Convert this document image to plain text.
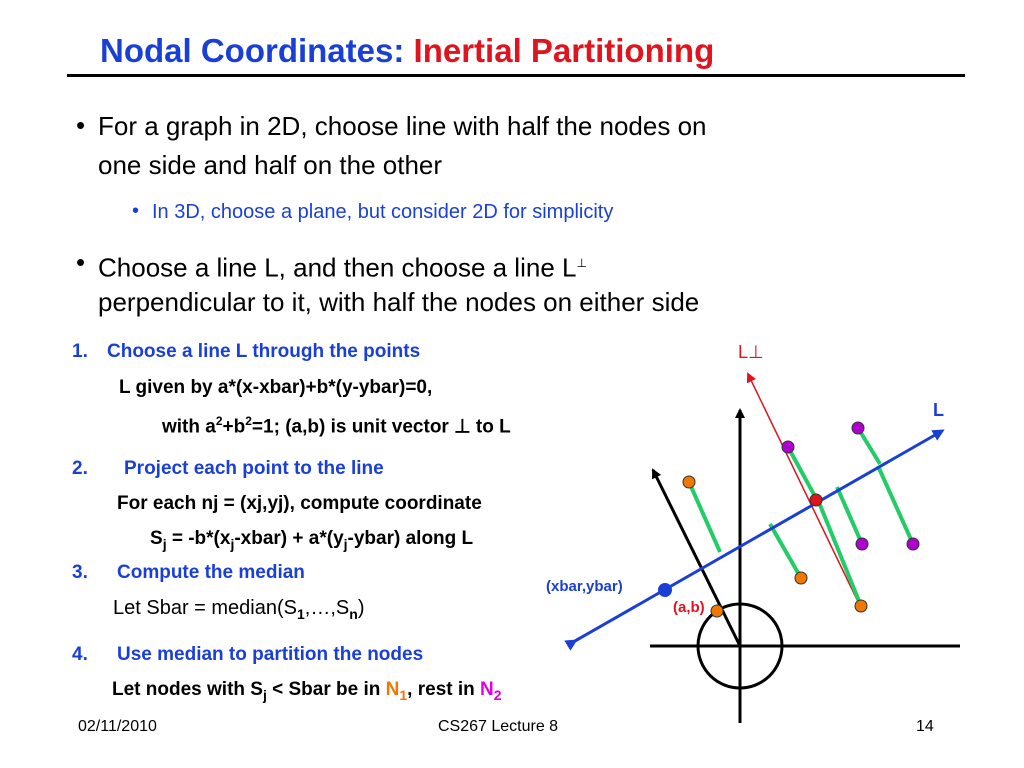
Nodal Coordinates: Inertial Partitioning
• For a graph in 2D, choose line with half the nodes on
one side and half on the other
• In 3D, choose a plane, but consider 2D for simplicity
• Choose a line L, and then choose a line L⊥
perpendicular to it, with half the nodes on either side
1. Choose a line L through the points
L given by a*(x-xbar)+b*(y-ybar)=0,
with $a^2+b^2=1$; (a,b) is unit vector ⊥ to L
2. Project each point to the line
For each nj = (xj,yj), compute coordinate
$S_j$ = $-b*(x_j-xbar)$ + $a*(y_j-ybar)$ along L
3. Compute the median
Let Sbar = $median(S_1,\dots,S_n)$
4. Use median to partition the nodes
Let nodes with $S_j$ < Sbar be in $N_1$, rest in $N_2$
L⊥
L
(xbar,ybar)
(a,b)
02/11/2010	CS267 Lecture 8	14
